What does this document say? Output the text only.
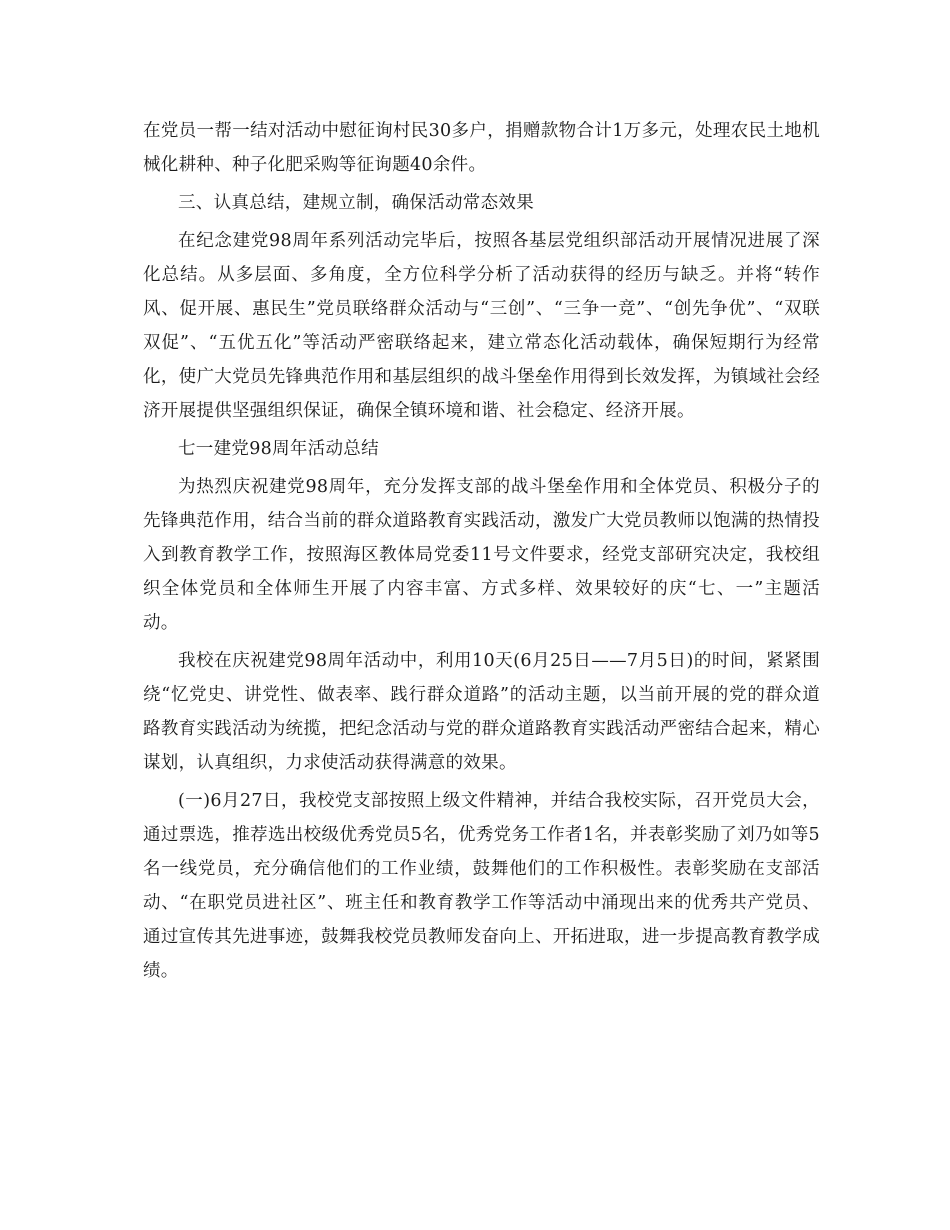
在党员一帮一结对活动中慰征询村民30多户，捐赠款物合计1万多元，处理农民土地机械化耕种、种子化肥采购等征询题40余件。

三、认真总结，建规立制，确保活动常态效果

在纪念建党98周年系列活动完毕后，按照各基层党组织部活动开展情况进展了深化总结。从多层面、多角度，全方位科学分析了活动获得的经历与缺乏。并将“转作风、促开展、惠民生”党员联络群众活动与“三创”、“三争一竞”、“创先争优”、“双联双促”、“五优五化”等活动严密联络起来，建立常态化活动载体，确保短期行为经常化，使广大党员先锋典范作用和基层组织的战斗堡垒作用得到长效发挥，为镇域社会经济开展提供坚强组织保证，确保全镇环境和谐、社会稳定、经济开展。

七一建党98周年活动总结

为热烈庆祝建党98周年，充分发挥支部的战斗堡垒作用和全体党员、积极分子的先锋典范作用，结合当前的群众道路教育实践活动，激发广大党员教师以饱满的热情投入到教育教学工作，按照海区教体局党委11号文件要求，经党支部研究决定，我校组织全体党员和全体师生开展了内容丰富、方式多样、效果较好的庆“七、一”主题活动。

我校在庆祝建党98周年活动中，利用10天(6月25日——7月5日)的时间，紧紧围绕“忆党史、讲党性、做表率、践行群众道路”的活动主题，以当前开展的党的群众道路教育实践活动为统揽，把纪念活动与党的群众道路教育实践活动严密结合起来，精心谋划，认真组织，力求使活动获得满意的效果。

(一)6月27日，我校党支部按照上级文件精神，并结合我校实际，召开党员大会，通过票选，推荐选出校级优秀党员5名，优秀党务工作者1名，并表彰奖励了刘乃如等5名一线党员，充分确信他们的工作业绩，鼓舞他们的工作积极性。表彰奖励在支部活动、“在职党员进社区”、班主任和教育教学工作等活动中涌现出来的优秀共产党员、通过宣传其先进事迹，鼓舞我校党员教师发奋向上、开拓进取，进一步提高教育教学成绩。
